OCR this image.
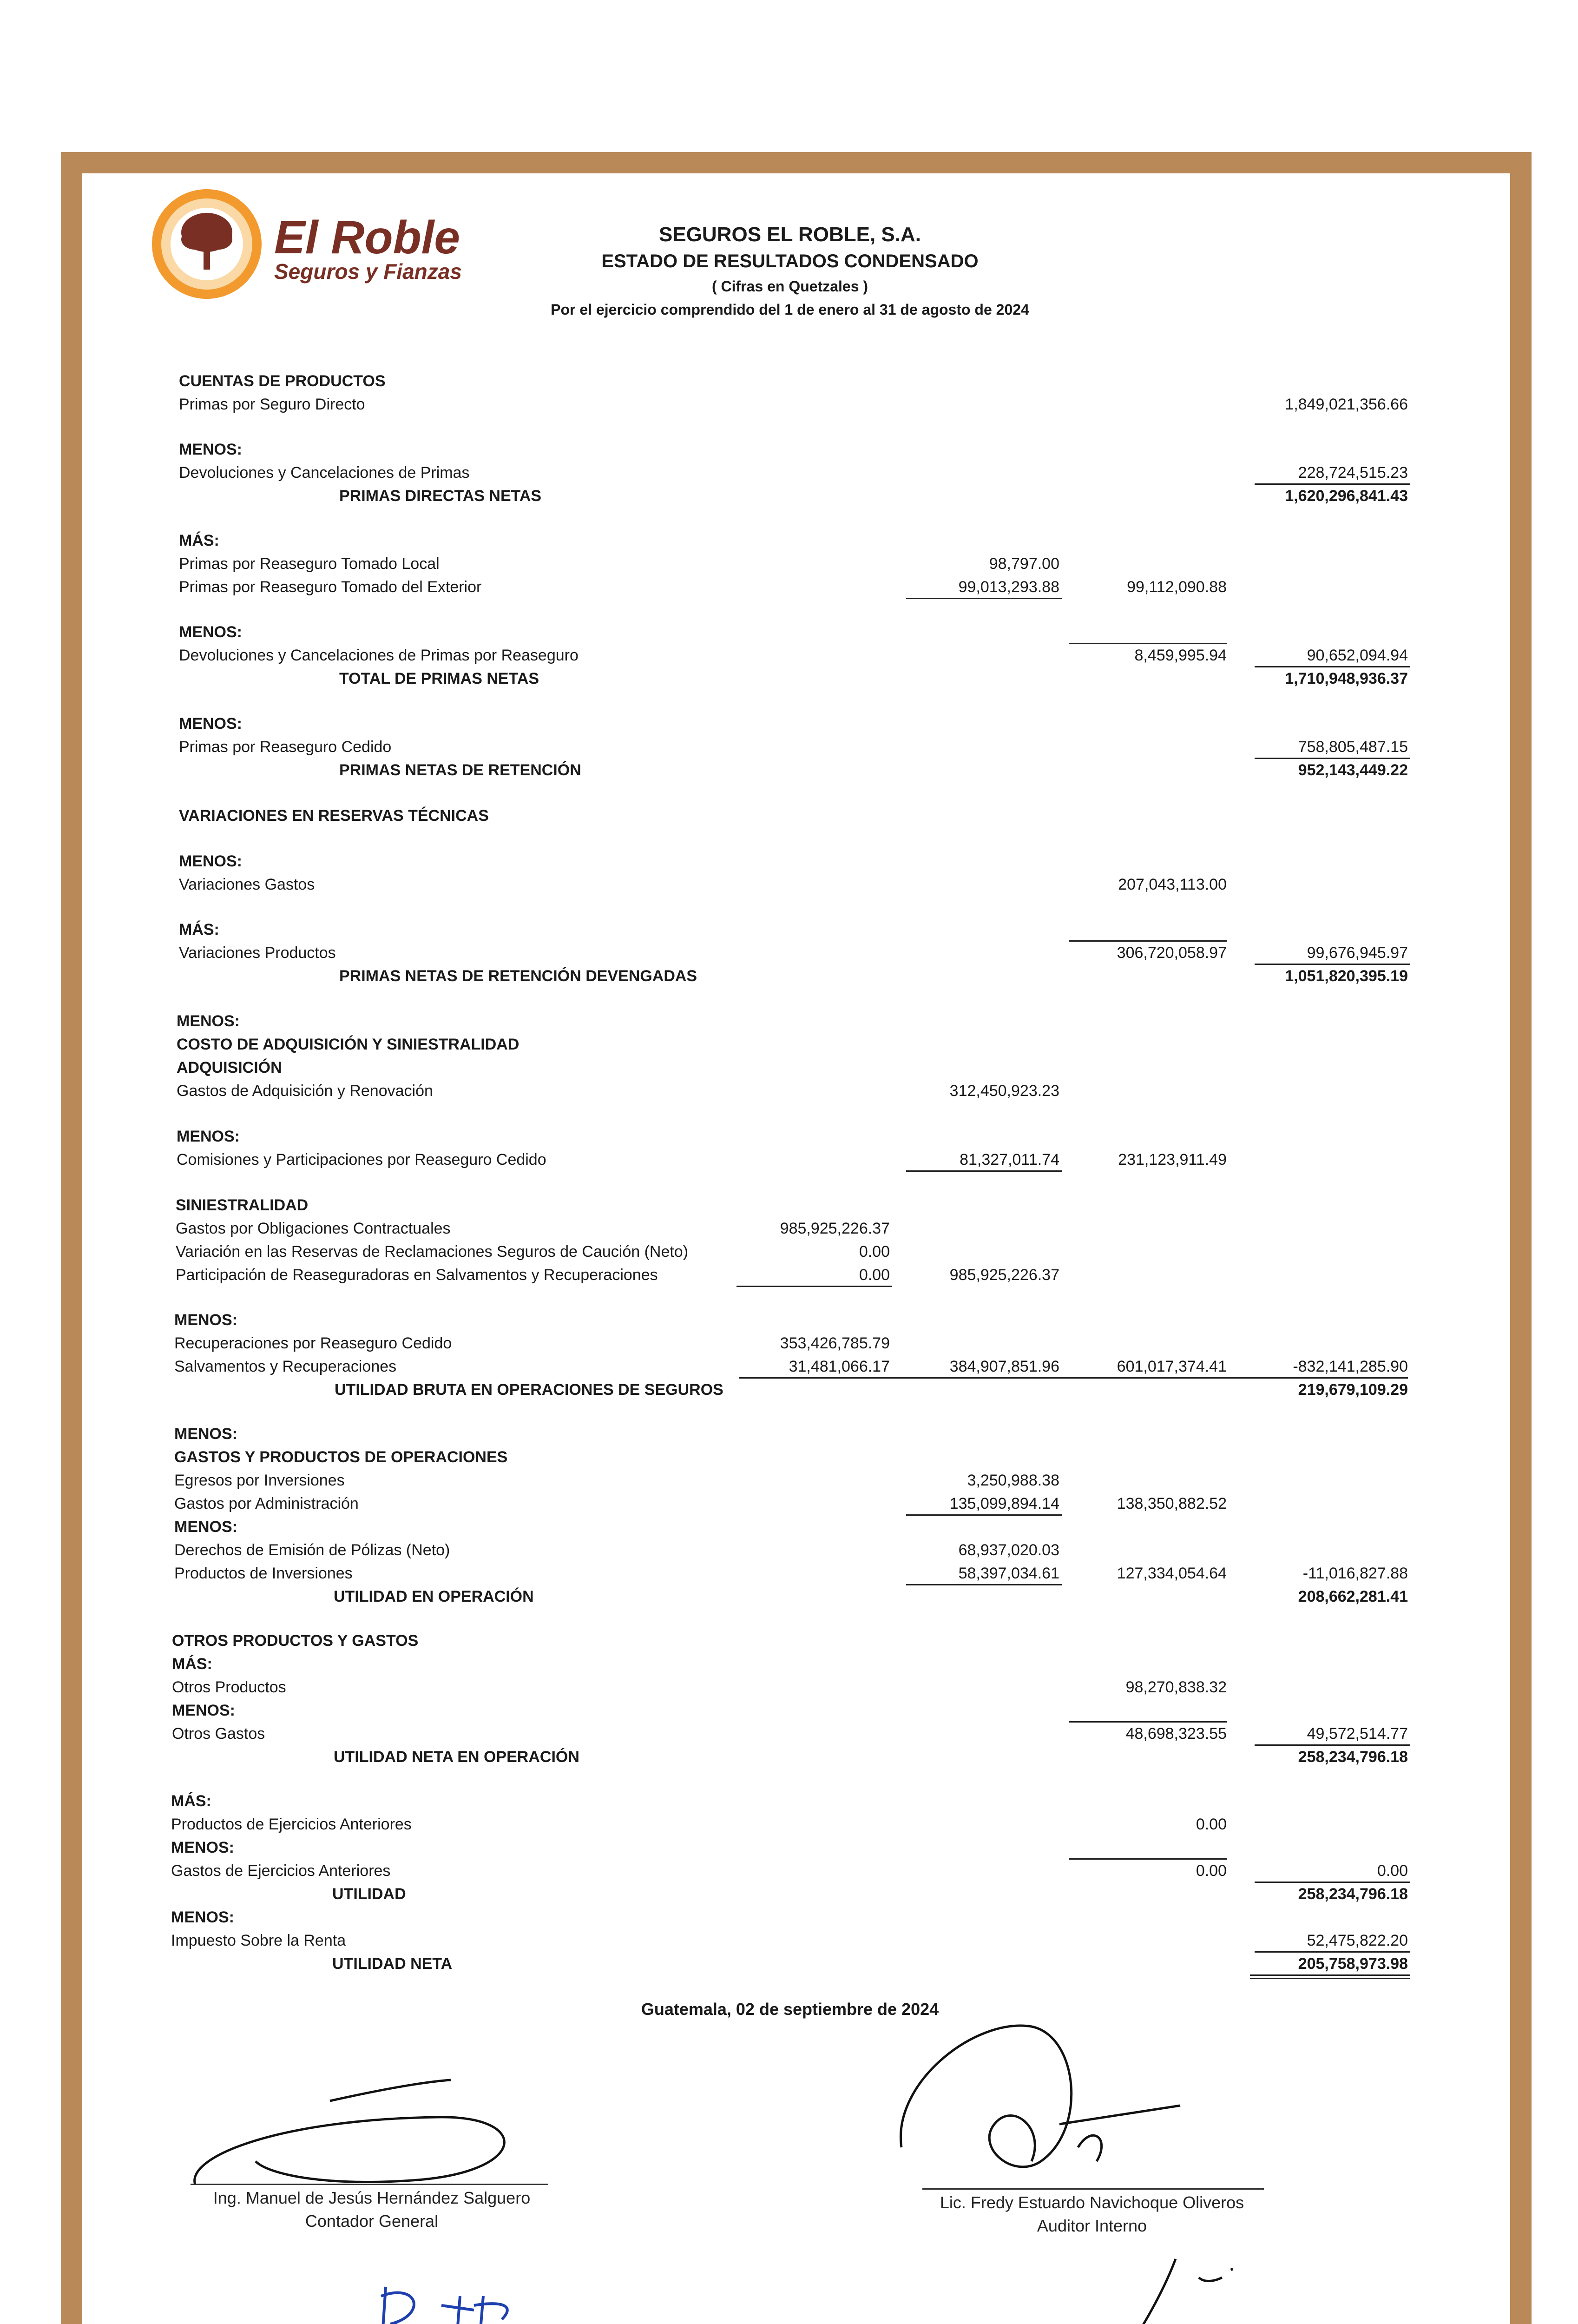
El Roble
Seguros y Fianzas
SEGUROS EL ROBLE, S.A.
ESTADO DE RESULTADOS CONDENSADO
( Cifras en Quetzales )
Por el ejercicio comprendido del 1 de enero al 31 de agosto de 2024
CUENTAS DE PRODUCTOS
Primas por Seguro Directo	1,849,021,356.66
MENOS:
Devoluciones y Cancelaciones de Primas	228,724,515.23
PRIMAS DIRECTAS NETAS	1,620,296,841.43
MÁS:
Primas por Reaseguro Tomado Local	98,797.00
Primas por Reaseguro Tomado del Exterior	99,013,293.88	99,112,090.88
MENOS:
Devoluciones y Cancelaciones de Primas por Reaseguro	8,459,995.94	90,652,094.94
TOTAL DE PRIMAS NETAS	1,710,948,936.37
MENOS:
Primas por Reaseguro Cedido	758,805,487.15
PRIMAS NETAS DE RETENCIÓN	952,143,449.22
VARIACIONES EN RESERVAS TÉCNICAS
MENOS:
Variaciones Gastos	207,043,113.00
MÁS:
Variaciones Productos	306,720,058.97	99,676,945.97
PRIMAS NETAS DE RETENCIÓN DEVENGADAS	1,051,820,395.19
MENOS:
COSTO DE ADQUISICIÓN Y SINIESTRALIDAD
ADQUISICIÓN
Gastos de Adquisición y Renovación	312,450,923.23
MENOS:
Comisiones y Participaciones por Reaseguro Cedido	81,327,011.74	231,123,911.49
SINIESTRALIDAD
Gastos por Obligaciones Contractuales	985,925,226.37
Variación en las Reservas de Reclamaciones Seguros de Caución (Neto)	0.00
Participación de Reaseguradoras en Salvamentos y Recuperaciones	0.00	985,925,226.37
MENOS:
Recuperaciones por Reaseguro Cedido	353,426,785.79
Salvamentos y Recuperaciones	31,481,066.17	384,907,851.96	601,017,374.41	-832,141,285.90
UTILIDAD BRUTA EN OPERACIONES DE SEGUROS	219,679,109.29
MENOS:
GASTOS Y PRODUCTOS DE OPERACIONES
Egresos por Inversiones	3,250,988.38
Gastos por Administración	135,099,894.14	138,350,882.52
MENOS:
Derechos de Emisión de Pólizas (Neto)	68,937,020.03
Productos de Inversiones	58,397,034.61	127,334,054.64	-11,016,827.88
UTILIDAD EN OPERACIÓN	208,662,281.41
OTROS PRODUCTOS Y GASTOS
MÁS:
Otros Productos	98,270,838.32
MENOS:
Otros Gastos	48,698,323.55	49,572,514.77
UTILIDAD NETA EN OPERACIÓN	258,234,796.18
MÁS:
Productos de Ejercicios Anteriores	0.00
MENOS:
Gastos de Ejercicios Anteriores	0.00	0.00
UTILIDAD	258,234,796.18
MENOS:
Impuesto Sobre la Renta	52,475,822.20
UTILIDAD NETA	205,758,973.98
Guatemala, 02 de septiembre de 2024
Ing. Manuel de Jesús Hernández Salguero
Contador General
Lic. Fredy Estuardo Navichoque Oliveros
Auditor Interno
